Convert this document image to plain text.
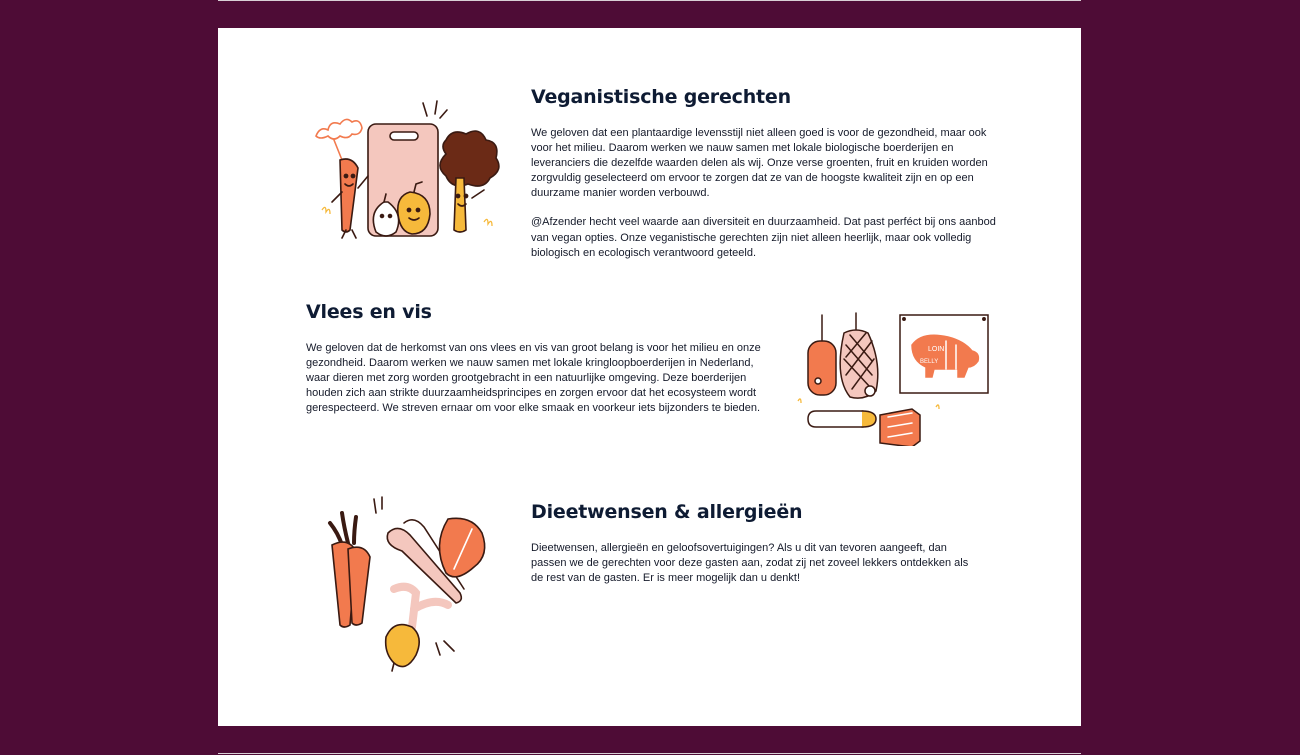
Veganistische gerechten

We geloven dat een plantaardige levensstijl niet alleen goed is voor de gezondheid, maar ook voor het milieu. Daarom werken we nauw samen met lokale biologische boerderijen en leveranciers die dezelfde waarden delen als wij. Onze verse groenten, fruit en kruiden worden zorgvuldig geselecteerd om ervoor te zorgen dat ze van de hoogste kwaliteit zijn en op een duurzame manier worden verbouwd.

@Afzender hecht veel waarde aan diversiteit en duurzaamheid. Dat past perféct bij ons aanbod van vegan opties. Onze veganistische gerechten zijn niet alleen heerlijk, maar ook volledig biologisch en ecologisch verantwoord geteeld.

Vlees en vis

We geloven dat de herkomst van ons vlees en vis van groot belang is voor het milieu en onze gezondheid. Daarom werken we nauw samen met lokale kringloopboerderijen in Nederland, waar dieren met zorg worden grootgebracht in een natuurlijke omgeving. Deze boerderijen houden zich aan strikte duurzaamheidsprincipes en zorgen ervoor dat het ecosysteem wordt gerespecteerd. We streven ernaar om voor elke smaak en voorkeur iets bijzonders te bieden.

LOIN
BELLY
Dieetwensen & allergieën

Dieetwensen, allergieën en geloofsovertuigingen? Als u dit van tevoren aangeeft, dan passen we de gerechten voor deze gasten aan, zodat zij net zoveel lekkers ontdekken als de rest van de gasten. Er is meer mogelijk dan u denkt!
